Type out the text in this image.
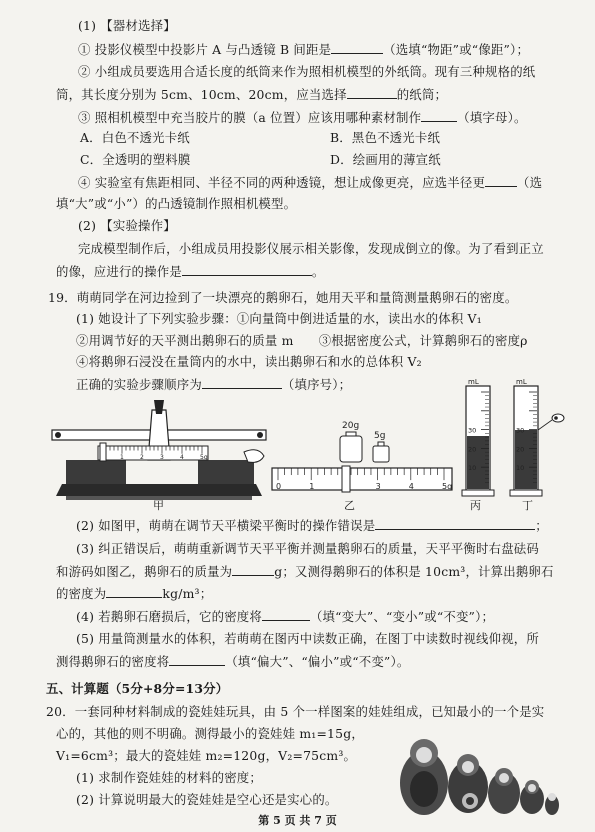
(1) 【器材选择】
① 投影仪模型中投影片 A 与凸透镜 B 间距是	（选填“物距”或“像距”）；
② 小组成员要选用合适长度的纸筒来作为照相机模型的外纸筒。现有三种规格的纸
筒，其长度分别为 5cm、10cm、20cm，应当选择	的纸筒；
③ 照相机模型中充当胶片的膜（a 位置）应该用哪种素材制作	（填字母）。
A．白色不透光卡纸	B．黑色不透光卡纸
C．全透明的塑料膜	D．绘画用的薄宣纸
④ 实验室有焦距相同、半径不同的两种透镜，想让成像更亮，应选半径更	（选
填“大”或“小”）的凸透镜制作照相机模型。
(2) 【实验操作】
完成模型制作后，小组成员用投影仪展示相关影像，发现成倒立的像。为了看到正立
的像，应进行的操作是	。
19．萌萌同学在河边捡到了一块漂亮的鹅卵石，她用天平和量筒测量鹅卵石的密度。
(1) 她设计了下列实验步骤：①向量筒中倒进适量的水，读出水的体积 V₁
②用调节好的天平测出鹅卵石的质量 m　　③根据密度公式，计算鹅卵石的密度ρ
④将鹅卵石浸没在量筒内的水中，读出鹅卵石和水的总体积 V₂
正确的实验步骤顺序为	（填序号）；
1	2	3	4	5g
甲
20g
5g
0	1	3	4	5g
乙
mL
30
20
10
丙
mL
30
20
10
丁
(2) 如图甲，萌萌在调节天平横梁平衡时的操作错误是	；
(3) 纠正错误后，萌萌重新调节天平平衡并测量鹅卵石的质量，天平平衡时右盘砝码
和游码如图乙，鹅卵石的质量为	g；又测得鹅卵石的体积是 10cm³，计算出鹅卵石
的密度为	kg/m³；
(4) 若鹅卵石磨损后，它的密度将	（填“变大”、“变小”或“不变”）；
(5) 用量筒测量水的体积，若萌萌在图丙中读数正确，在图丁中读数时视线仰视，所
测得鹅卵石的密度将	（填“偏大”、“偏小”或“不变”）。
五、计算题（5分+8分=13分）
20．一套同种材料制成的瓷娃娃玩具，由 5 个一样图案的娃娃组成，已知最小的一个是实
心的，其他的则不明确。测得最小的瓷娃娃 m₁=15g，
V₁=6cm³；最大的瓷娃娃 m₂=120g，V₂=75cm³。
(1) 求制作瓷娃娃的材料的密度；
(2) 计算说明最大的瓷娃娃是空心还是实心的。
第 5 页 共 7 页
